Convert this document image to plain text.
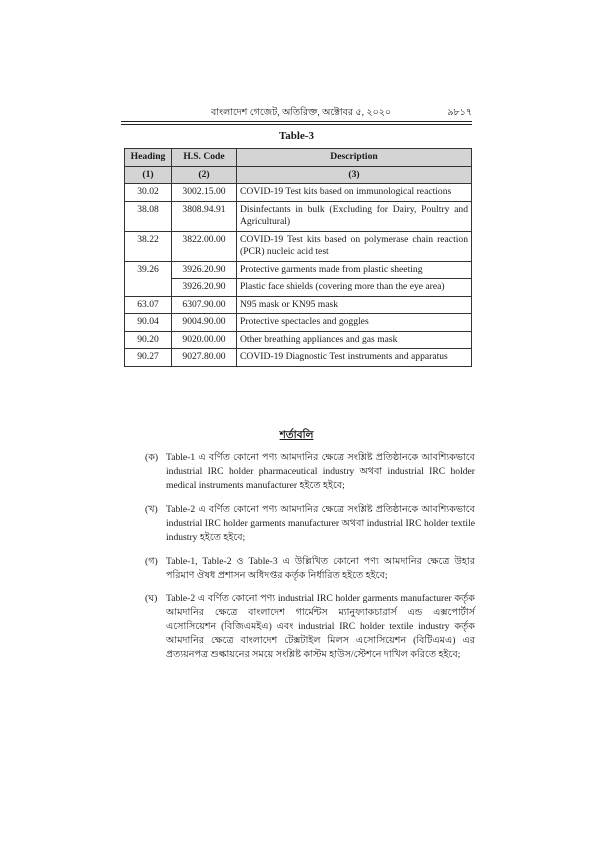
বাংলাদেশ গেজেট, অতিরিক্ত, অক্টোবর ৫, ২০২০	৯৮১৭
Table-3
Heading	H.S. Code	Description
(1)	(2)	(3)
30.02	3002.15.00	COVID-19 Test kits based on immunological reactions
38.08	3808.94.91	Disinfectants in bulk (Excluding for Dairy, Poultry and Agricultural)
38.22	3822.00.00	COVID-19 Test kits based on polymerase chain reaction (PCR) nucleic acid test
39.26	3926.20.90	Protective garments made from plastic sheeting
	3926.20.90	Plastic face shields (covering more than the eye area)
63.07	6307.90.00	N95 mask or KN95 mask
90.04	9004.90.00	Protective spectacles and goggles
90.20	9020.00.00	Other breathing appliances and gas mask
90.27	9027.80.00	COVID-19 Diagnostic Test instruments and apparatus
শর্তাবলি
(ক) Table-1 এ বর্ণিত কোনো পণ্য আমদানির ক্ষেত্রে সংশ্লিষ্ট প্রতিষ্ঠানকে আবশ্যিকভাবে industrial IRC holder pharmaceutical industry অথবা industrial IRC holder medical instruments manufacturer হইতে হইবে;
(খ) Table-2 এ বর্ণিত কোনো পণ্য আমদানির ক্ষেত্রে সংশ্লিষ্ট প্রতিষ্ঠানকে আবশ্যিকভাবে industrial IRC holder garments manufacturer অথবা industrial IRC holder textile industry হইতে হইবে;
(গ) Table-1, Table-2 ও Table-3 এ উল্লিখিত কোনো পণ্য আমদানির ক্ষেত্রে উহার পরিমাণ ঔষধ প্রশাসন অধিদপ্তর কর্তৃক নির্ধারিত হইতে হইবে;
(ঘ) Table-2 এ বর্ণিত কোনো পণ্য industrial IRC holder garments manufacturer কর্তৃক আমদানির ক্ষেত্রে বাংলাদেশ গার্মেন্টস ম্যানুফ্যাকচারার্স এন্ড এক্সপোর্টার্স এসোসিয়েশন (বিজিএমইএ) এবং industrial IRC holder textile industry কর্তৃক আমদানির ক্ষেত্রে বাংলাদেশ টেক্সটাইল মিলস এসোসিয়েশন (বিটিএমএ) এর প্রত্যয়নপত্র শুল্কায়নের সময়ে সংশ্লিষ্ট কাস্টম হাউস/স্টেশনে দাখিল করিতে হইবে;
